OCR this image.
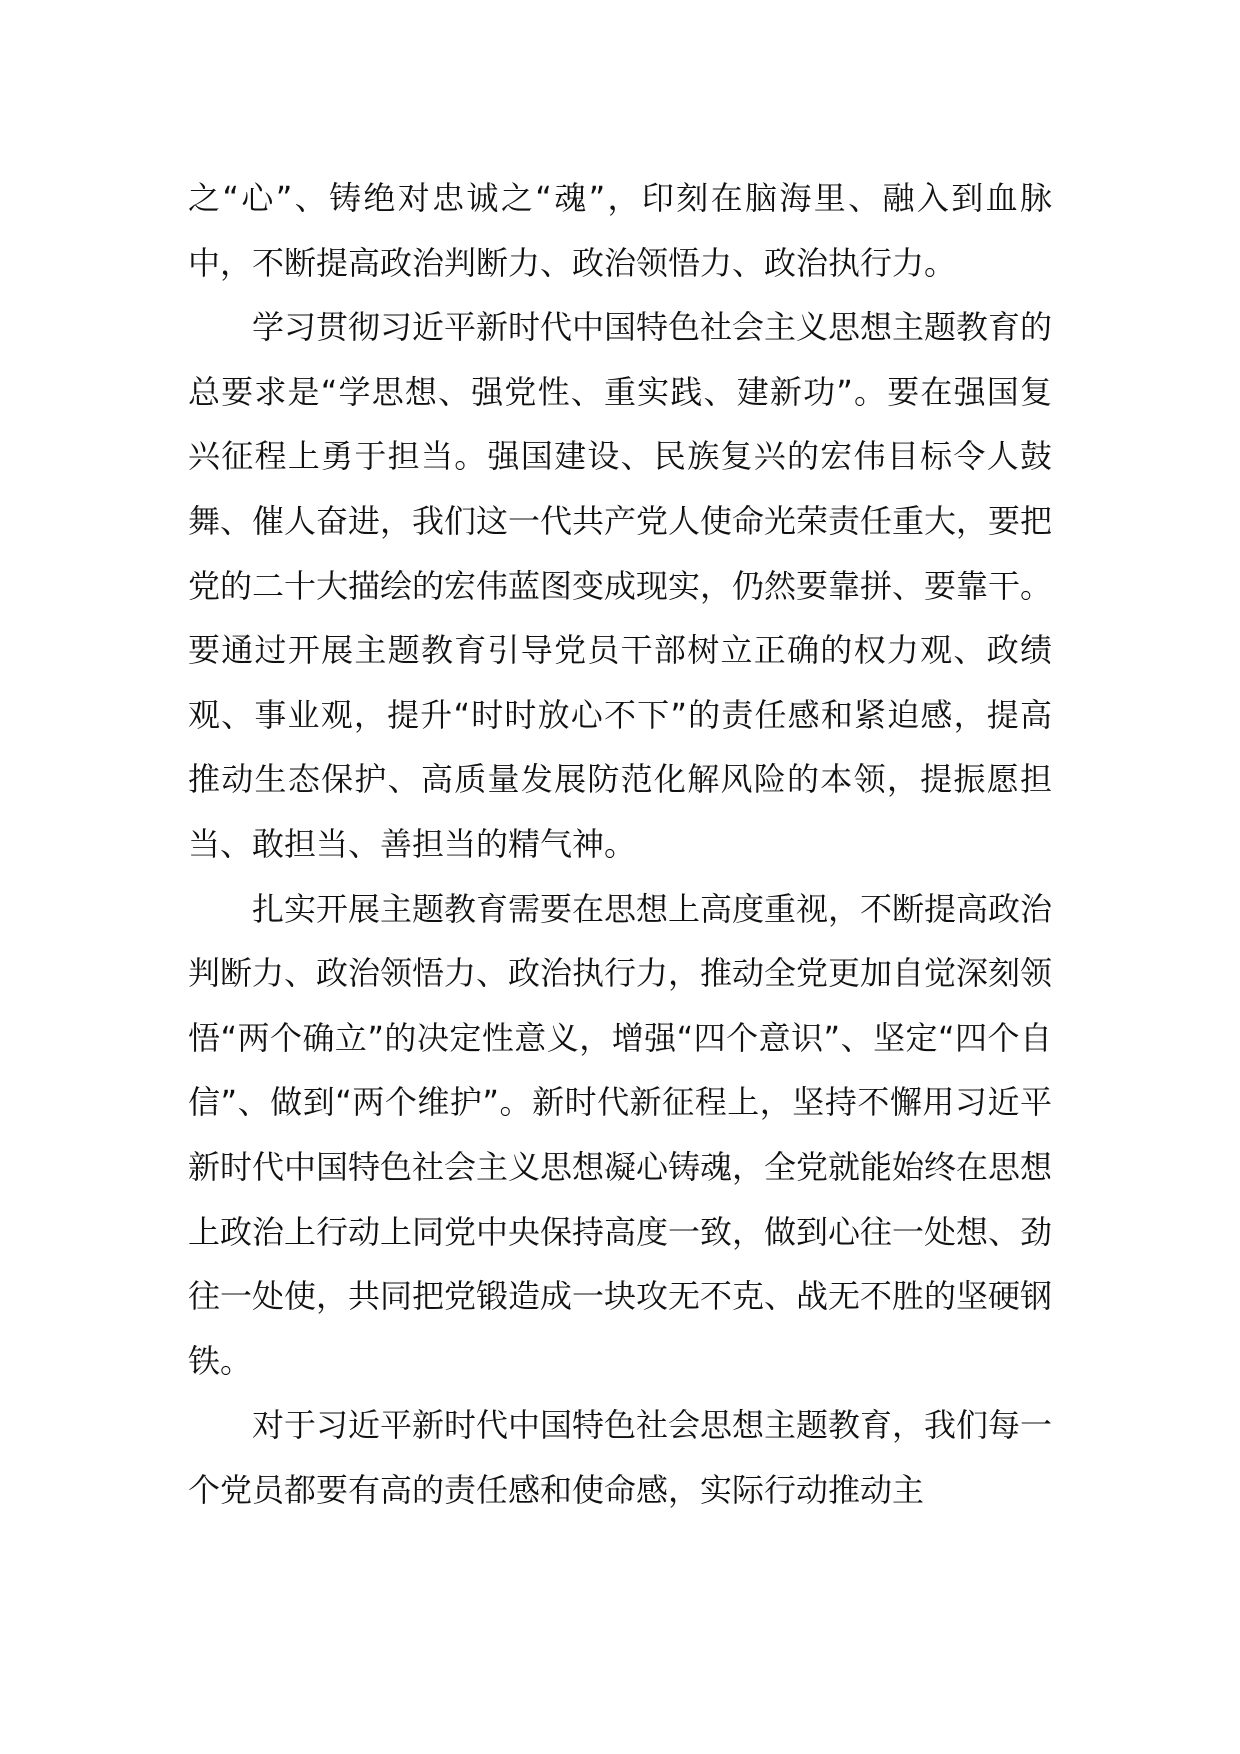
之“心”、铸绝对忠诚之“魂”，印刻在脑海里、融入到血脉中，不断提高政治判断力、政治领悟力、政治执行力。

学习贯彻习近平新时代中国特色社会主义思想主题教育的总要求是“学思想、强党性、重实践、建新功”。要在强国复兴征程上勇于担当。强国建设、民族复兴的宏伟目标令人鼓舞、催人奋进，我们这一代共产党人使命光荣责任重大，要把党的二十大描绘的宏伟蓝图变成现实，仍然要靠拼、要靠干。要通过开展主题教育引导党员干部树立正确的权力观、政绩观、事业观，提升“时时放心不下”的责任感和紧迫感，提高推动生态保护、高质量发展防范化解风险的本领，提振愿担当、敢担当、善担当的精气神。

扎实开展主题教育需要在思想上高度重视，不断提高政治判断力、政治领悟力、政治执行力，推动全党更加自觉深刻领悟“两个确立”的决定性意义，增强“四个意识”、坚定“四个自信”、做到“两个维护”。新时代新征程上，坚持不懈用习近平新时代中国特色社会主义思想凝心铸魂，全党就能始终在思想上政治上行动上同党中央保持高度一致，做到心往一处想、劲往一处使，共同把党锻造成一块攻无不克、战无不胜的坚硬钢铁。

对于习近平新时代中国特色社会思想主题教育，我们每一个党员都要有高的责任感和使命感，实际行动推动主
